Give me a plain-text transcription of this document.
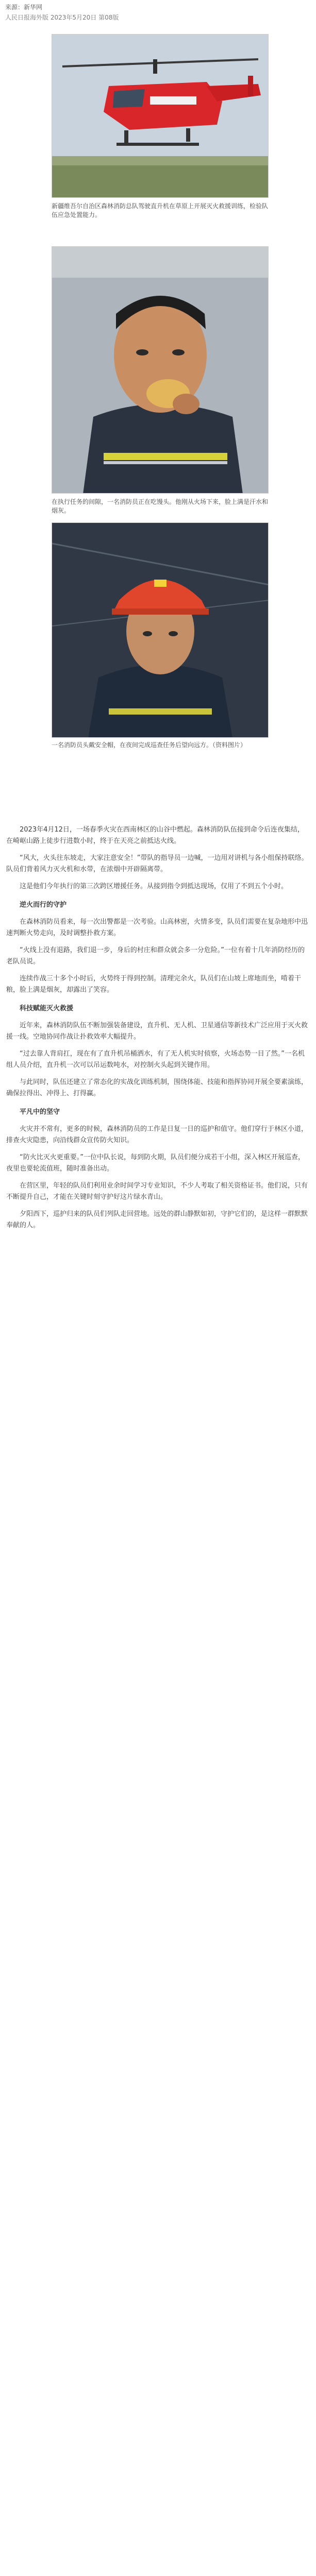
来源：新华网
人民日报海外版 2023年5月20日 第08版
新疆维吾尔自治区森林消防总队驾驶直升机在草原上开展灭火救援训练，检验队伍应急处置能力。
在执行任务的间隙，一名消防员正在吃馒头。他刚从火场下来，脸上满是汗水和烟灰。
一名消防员头戴安全帽，在夜间完成巡查任务后望向远方。（资料图片）

2023年4月12日，一场春季火灾在西南林区的山谷中燃起。森林消防队伍接到命令后连夜集结，在崎岖山路上徒步行进数小时，终于在天亮之前抵达火线。

“风大，火头往东坡走，大家注意安全！”带队的指导员一边喊，一边用对讲机与各小组保持联络。队员们背着风力灭火机和水带，在浓烟中开辟隔离带。

这是他们今年执行的第三次跨区增援任务。从接到指令到抵达现场，仅用了不到五个小时。

逆火而行的守护

在森林消防员看来，每一次出警都是一次考验。山高林密，火情多变，队员们需要在复杂地形中迅速判断火势走向，及时调整扑救方案。

“火线上没有退路，我们退一步，身后的村庄和群众就会多一分危险。”一位有着十几年消防经历的老队员说。

连续作战三十多个小时后，火势终于得到控制。清理完余火，队员们在山坡上席地而坐，啃着干粮，脸上满是烟灰，却露出了笑容。

科技赋能灭火救援

近年来，森林消防队伍不断加强装备建设，直升机、无人机、卫星通信等新技术广泛应用于灭火救援一线。空地协同作战让扑救效率大幅提升。

“过去靠人背肩扛，现在有了直升机吊桶洒水，有了无人机实时侦察，火场态势一目了然。”一名机组人员介绍，直升机一次可以吊运数吨水，对控制火头起到关键作用。

与此同时，队伍还建立了常态化的实战化训练机制，围绕体能、技能和指挥协同开展全要素演练，确保拉得出、冲得上、打得赢。

平凡中的坚守

火灾并不常有，更多的时候，森林消防员的工作是日复一日的巡护和值守。他们穿行于林区小道，排查火灾隐患，向沿线群众宣传防火知识。

“防火比灭火更重要。”一位中队长说，每到防火期，队员们便分成若干小组，深入林区开展巡查，夜里也要轮流值班，随时准备出动。

在营区里，年轻的队员们利用业余时间学习专业知识，不少人考取了相关资格证书。他们说，只有不断提升自己，才能在关键时刻守护好这片绿水青山。

夕阳西下，巡护归来的队员们列队走回营地。远处的群山静默如初，守护它们的，是这样一群默默奉献的人。
